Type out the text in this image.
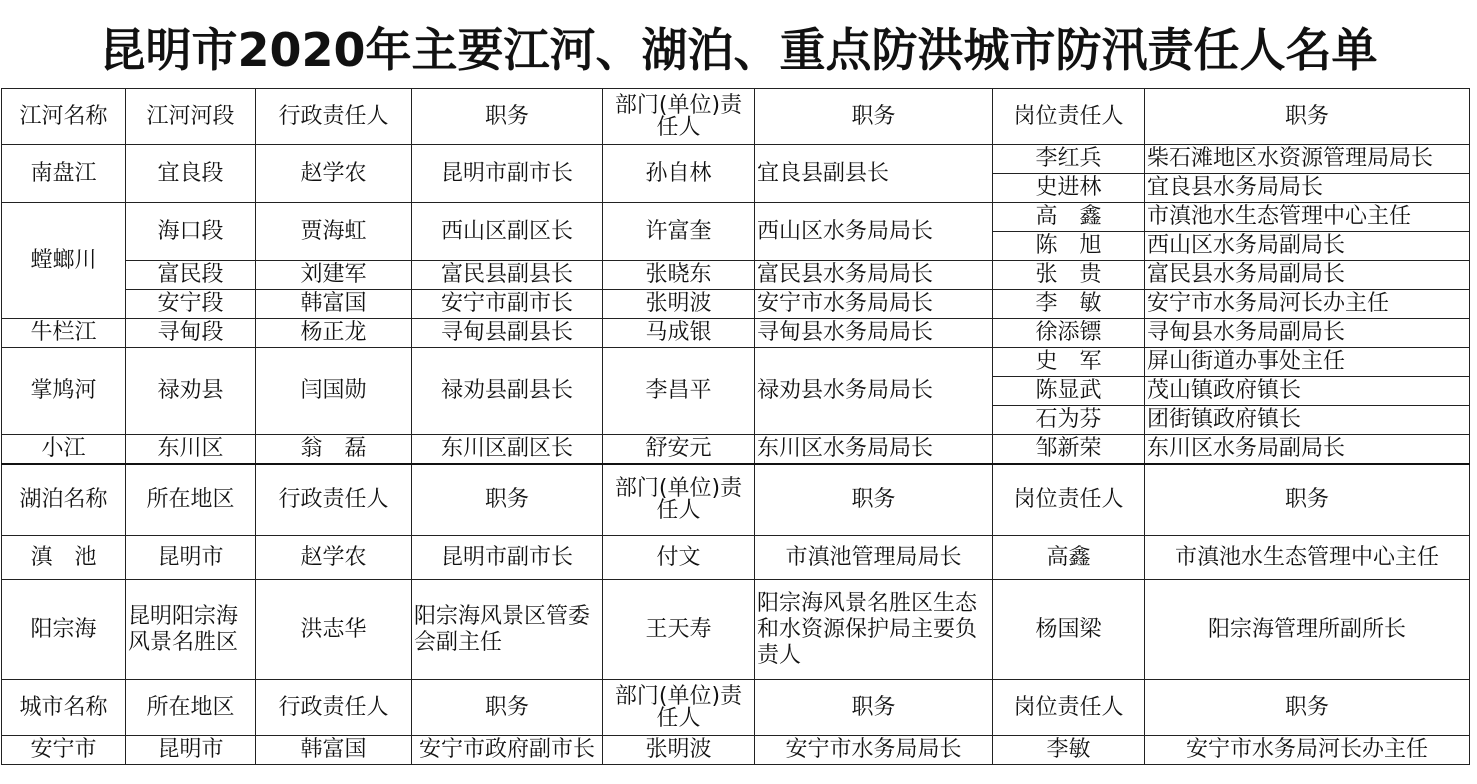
昆明市2020年主要江河、湖泊、重点防洪城市防汛责任人名单
江河名称	江河河段	行政责任人	职务	部门(单位)责任人	职务	岗位责任人	职务
南盘江	宜良段	赵学农	昆明市副市长	孙自林	宜良县副县长	李红兵	柴石滩地区水资源管理局局长
						史进林	宜良县水务局局长
螳螂川	海口段	贾海虹	西山区副区长	许富奎	西山区水务局局长	高　鑫	市滇池水生态管理中心主任
						陈　旭	西山区水务局副局长
	富民段	刘建军	富民县副县长	张晓东	富民县水务局局长	张　贵	富民县水务局副局长
	安宁段	韩富国	安宁市副市长	张明波	安宁市水务局局长	李　敏	安宁市水务局河长办主任
牛栏江	寻甸段	杨正龙	寻甸县副县长	马成银	寻甸县水务局局长	徐添镖	寻甸县水务局副局长
掌鸠河	禄劝县	闫国勋	禄劝县副县长	李昌平	禄劝县水务局局长	史　军	屏山街道办事处主任
						陈显武	茂山镇政府镇长
						石为芬	团街镇政府镇长
小江	东川区	翁　磊	东川区副区长	舒安元	东川区水务局局长	邹新荣	东川区水务局副局长
湖泊名称	所在地区	行政责任人	职务	部门(单位)责任人	职务	岗位责任人	职务
滇　池	昆明市	赵学农	昆明市副市长	付文	市滇池管理局局长	高鑫	市滇池水生态管理中心主任
阳宗海	昆明阳宗海风景名胜区	洪志华	阳宗海风景区管委会副主任	王天寿	阳宗海风景名胜区生态和水资源保护局主要负责人	杨国梁	阳宗海管理所副所长
城市名称	所在地区	行政责任人	职务	部门(单位)责任人	职务	岗位责任人	职务
安宁市	昆明市	韩富国	安宁市政府副市长	张明波	安宁市水务局局长	李敏	安宁市水务局河长办主任
